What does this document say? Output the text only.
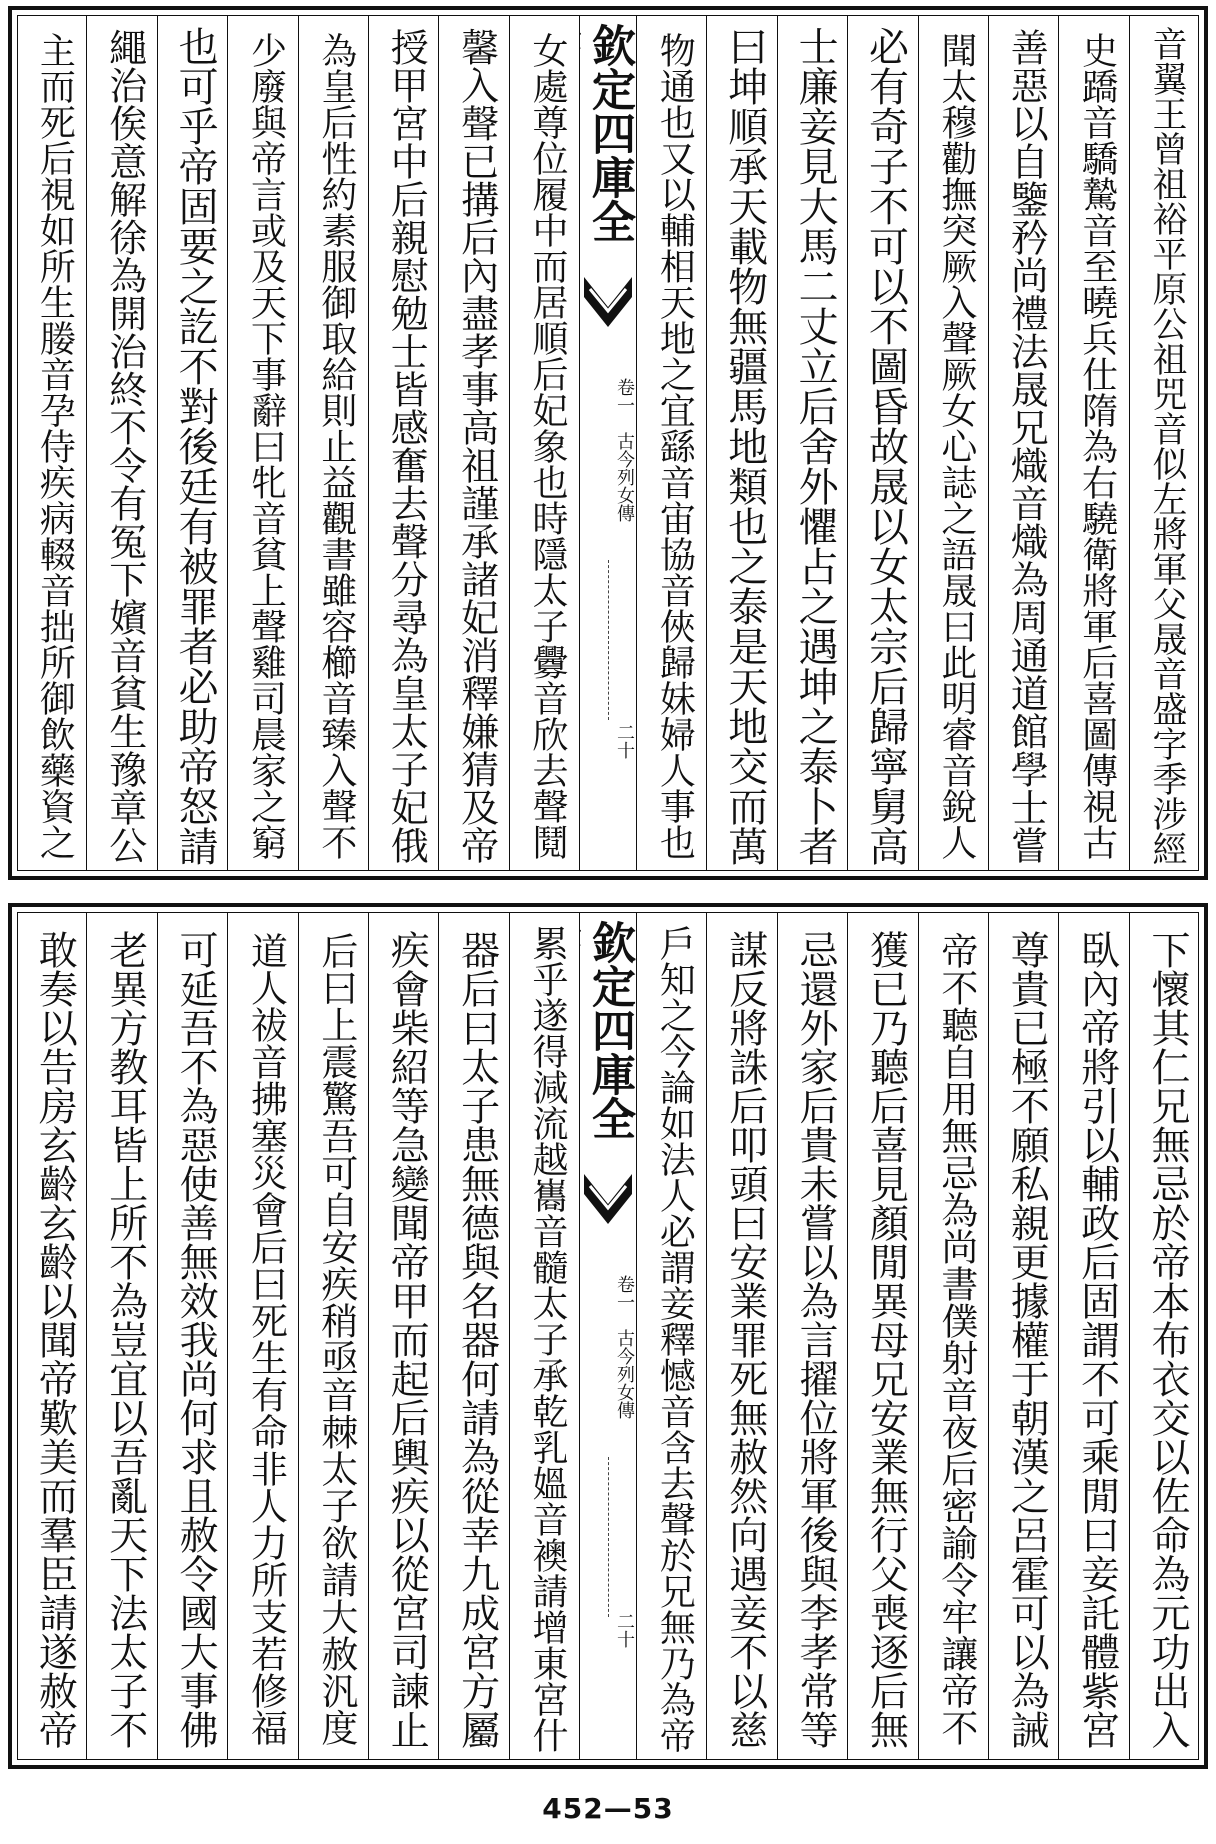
音翼王曾祖裕平原公祖兕音似左將軍父晟音盛字季涉經
史蹻音驕騺音至曉兵仕隋為右驍衛將軍后喜圖傳視古
善惡以自鑒矜尚禮法晟兄熾音熾為周通道館學士嘗
聞太穆勸撫突厥入聲厥女心誌之語晟曰此明睿音銳人
必有奇子不可以不圖昏故晟以女太宗后歸寧舅高
士廉妾見大馬二丈立后舍外懼占之遇坤之泰卜者
曰坤順承天載物無疆馬地類也之泰是天地交而萬
物通也又以輔相天地之宜繇音宙協音俠歸妹婦人事也
欽定四庫全
卷一　古今列女傳
二十
女處尊位履中而居順后妃象也時隱太子釁音欣去聲鬩
馨入聲已搆后內盡孝事高祖謹承諸妃消釋嫌猜及帝
授甲宮中后親慰勉士皆感奮去聲分尋為皇太子妃俄
為皇后性約素服御取給則止益觀書雖容櫛音臻入聲不
少廢與帝言或及天下事辭曰牝音貧上聲雞司晨家之窮
也可乎帝固要之訖不對後廷有被罪者必助帝怒請
繩治俟意解徐為開治終不令有冤下嬪音貧生豫章公
主而死后視如所生媵音孕侍疾病輟音拙所御飲藥資之
下懷其仁兄無忌於帝本布衣交以佐命為元功出入
臥內帝將引以輔政后固謂不可乘閒曰妾託體紫宮
尊貴已極不願私親更據權于朝漢之呂霍可以為誡
帝不聽自用無忌為尚書僕射音夜后密諭令牢讓帝不
獲已乃聽后喜見顏閒異母兄安業無行父喪逐后無
忌還外家后貴未嘗以為言擢位將軍後與李孝常等
謀反將誅后叩頭曰安業罪死無赦然向遇妾不以慈
戶知之今論如法人必謂妾釋憾音含去聲於兄無乃為帝
欽定四庫全
卷一　古今列女傳
二十
累乎遂得減流越巂音髓太子承乾乳媼音襖請增東宮什
器后曰太子患無德與名器何請為從幸九成宮方屬
疾會柴紹等急變聞帝甲而起后輿疾以從宮司諫止
后曰上震驚吾可自安疾稍亟音棘太子欲請大赦汎度
道人祓音拂塞災會后曰死生有命非人力所支若修福
可延吾不為惡使善無效我尚何求且赦令國大事佛
老異方教耳皆上所不為豈宜以吾亂天下法太子不
敢奏以告房玄齡玄齡以聞帝歎美而羣臣請遂赦帝
452—53
